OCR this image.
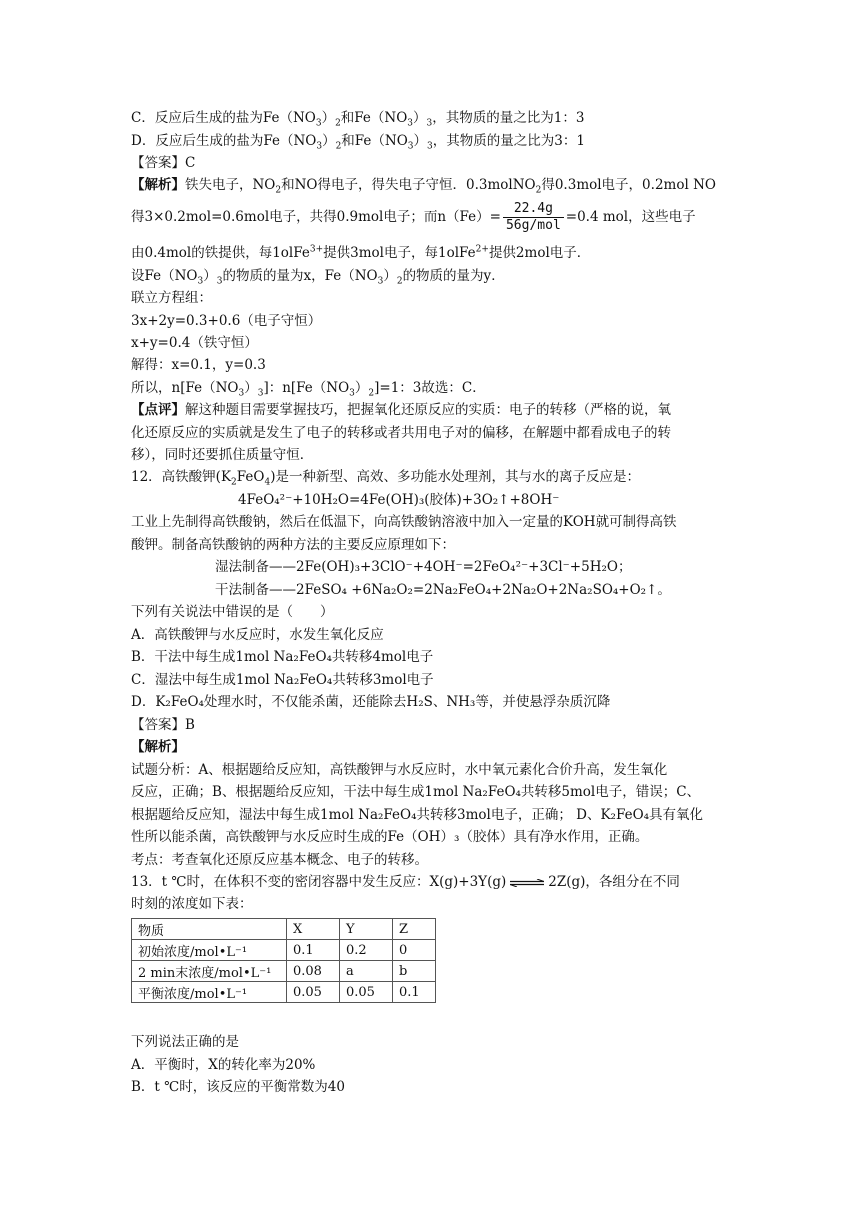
C．反应后生成的盐为$Fe(NO_3)_2$和$Fe(NO_3)_3$，其物质的量之比为1：3
D．反应后生成的盐为$Fe(NO_3)_2$和$Fe(NO_3)_3$，其物质的量之比为3：1
【答案】C
【解析】铁失电子，$NO_2$和NO得电子，得失电子守恒．0.3molNO$_2$得0.3mol电子，0.2mol NO
得3×0.2mol=0.6mol电子，共得0.9mol电子；而$n(Fe)= \frac{22.4g}{\text{56g/mol}} =0.4$ mol，这些电子
由0.4mol的铁提供，每1olFe$^{3+}$提供3mol电子，每1olFe$^{2+}$提供2mol电子．
设$Fe(NO_3)_3$的物质的量为x，$Fe(NO_3)_2$的物质的量为y．
联立方程组：
3x+2y=0.3+0.6（电子守恒）
x+y=0.4（铁守恒）
解得：x=0.1，y=0.3
所以，$n[Fe(NO_3)_3]$：$n[Fe(NO_3)_2]=1$：3故选：C．
【点评】解这种题目需要掌握技巧，把握氧化还原反应的实质：电子的转移（严格的说，氧
化还原反应的实质就是发生了电子的转移或者共用电子对的偏移，在解题中都看成电子的转
移），同时还要抓住质量守恒．
12．高铁酸钾$(K_2FeO_4)$是一种新型、高效、多功能水处理剂，其与水的离子反应是：
4FeO₄²⁻+10H₂O=4Fe(OH)₃(胶体)+3O₂↑+8OH⁻
工业上先制得高铁酸钠，然后在低温下，向高铁酸钠溶液中加入一定量的KOH就可制得高铁
酸钾。制备高铁酸钠的两种方法的主要反应原理如下：
湿法制备——2Fe(OH)₃+3ClO⁻+4OH⁻=2FeO₄²⁻+3Cl⁻+5H₂O；
干法制备——2FeSO₄ +6Na₂O₂=2Na₂FeO₄+2Na₂O+2Na₂SO₄+O₂↑。
下列有关说法中错误的是（　　）
A．高铁酸钾与水反应时，水发生氧化反应
B．干法中每生成1mol Na₂FeO₄共转移4mol电子
C．湿法中每生成1mol Na₂FeO₄共转移3mol电子
D．K₂FeO₄处理水时，不仅能杀菌，还能除去H₂S、NH₃等，并使悬浮杂质沉降
【答案】B
【解析】
试题分析：A、根据题给反应知，高铁酸钾与水反应时，水中氧元素化合价升高，发生氧化
反应，正确；B、根据题给反应知，干法中每生成1mol Na₂FeO₄共转移5mol电子，错误；C、
根据题给反应知，湿法中每生成1mol Na₂FeO₄共转移3mol电子，正确； D、K₂FeO₄具有氧化
性所以能杀菌，高铁酸钾与水反应时生成的Fe（OH）₃（胶体）具有净水作用，正确。
考点：考查氧化还原反应基本概念、电子的转移。
13．t ℃时，在体积不变的密闭容器中发生反应：X(g)+3Y(g) ⇌ 2Z(g)，各组分在不同
时刻的浓度如下表：
物质	X	Y	Z
初始浓度/mol•L⁻¹	0.1	0.2	0
2 min末浓度/mol•L⁻¹	0.08	a	b
平衡浓度/mol•L⁻¹	0.05	0.05	0.1
下列说法正确的是
A．平衡时，X的转化率为20%
B．t ℃时，该反应的平衡常数为40
